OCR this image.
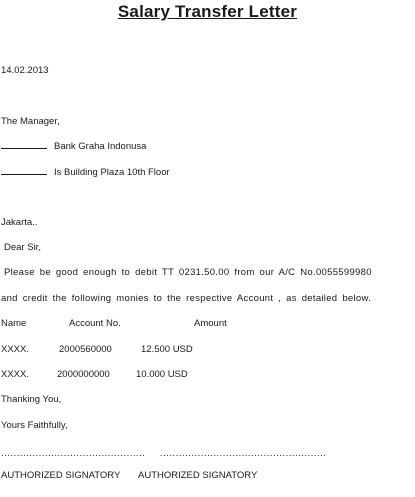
Salary Transfer Letter
14.02.2013
The Manager,
Bank Graha Indonusa
Is Building Plaza 10th Floor
Jakarta..
Dear Sir,
Please be good enough to debit TT 0231.50.00 from our A/C No.0055599980
and credit the following monies to the respective Account , as detailed below.
Name	Account No.	Amount
XXXX.	2000560000	12.500 USD
XXXX.	2000000000	10.000 USD
Thanking You,
Yours Faithfully,
.............................................. .....................................................
AUTHORIZED SIGNATORY AUTHORIZED SIGNATORY
